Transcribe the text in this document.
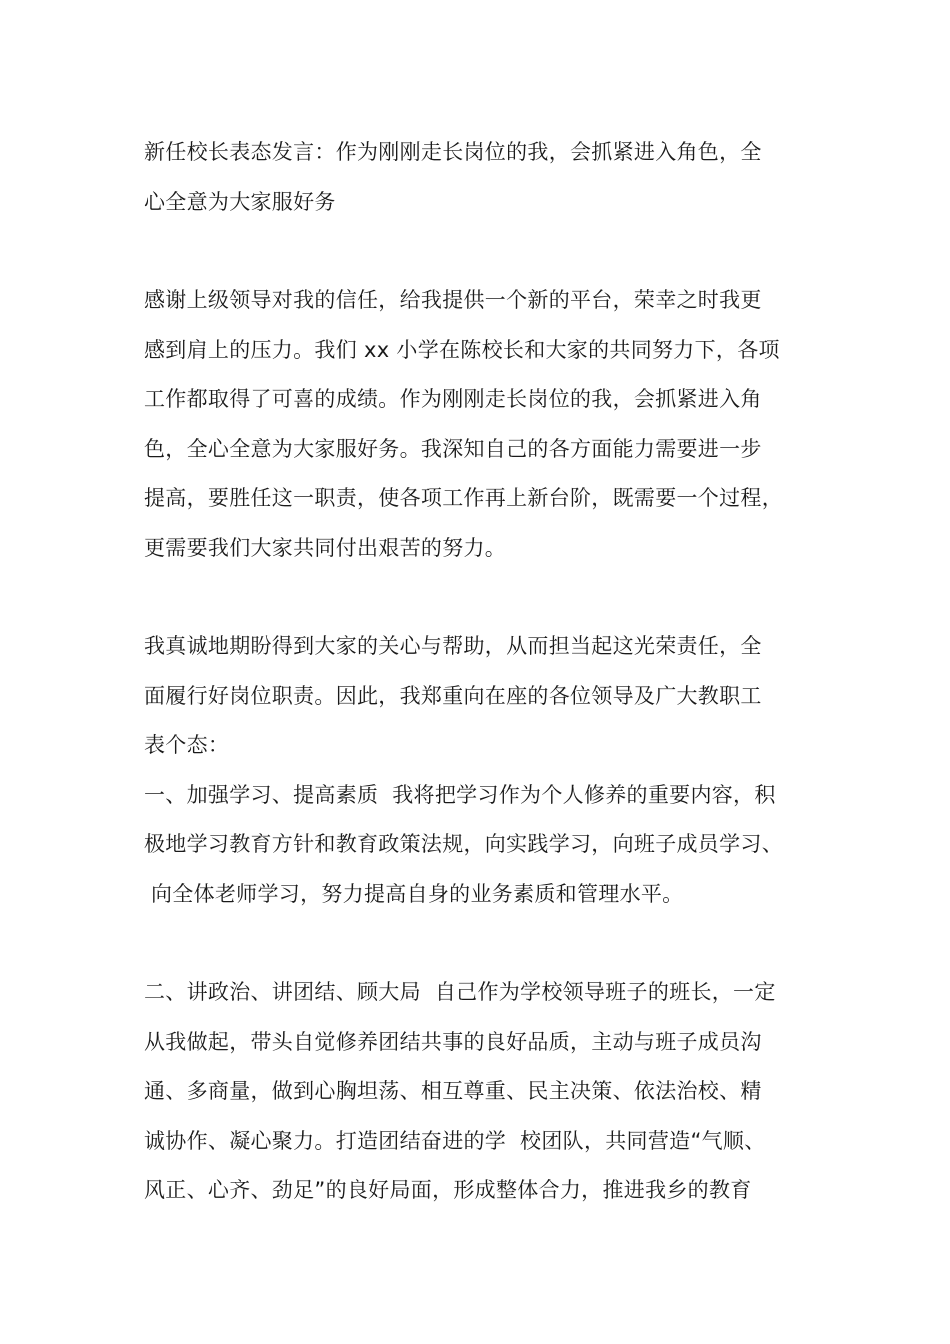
新任校长表态发言：作为刚刚走长岗位的我，会抓紧进入角色，全
心全意为大家服好务
感谢上级领导对我的信任，给我提供一个新的平台，荣幸之时我更
感到肩上的压力。我们 xx 小学在陈校长和大家的共同努力下，各项
工作都取得了可喜的成绩。作为刚刚走长岗位的我，会抓紧进入角
色，全心全意为大家服好务。我深知自己的各方面能力需要进一步
提高，要胜任这一职责，使各项工作再上新台阶，既需要一个过程，
更需要我们大家共同付出艰苦的努力。
我真诚地期盼得到大家的关心与帮助，从而担当起这光荣责任，全
面履行好岗位职责。因此，我郑重向在座的各位领导及广大教职工
表个态：
一、加强学习、提高素质  我将把学习作为个人修养的重要内容，积
极地学习教育方针和教育政策法规，向实践学习，向班子成员学习、
向全体老师学习，努力提高自身的业务素质和管理水平。
二、讲政治、讲团结、顾大局  自己作为学校领导班子的班长，一定
从我做起，带头自觉修养团结共事的良好品质，主动与班子成员沟
通、多商量，做到心胸坦荡、相互尊重、民主决策、依法治校、精
诚协作、凝心聚力。打造团结奋进的学  校团队，共同营造“气顺、
风正、心齐、劲足”的良好局面，形成整体合力，推进我乡的教育
